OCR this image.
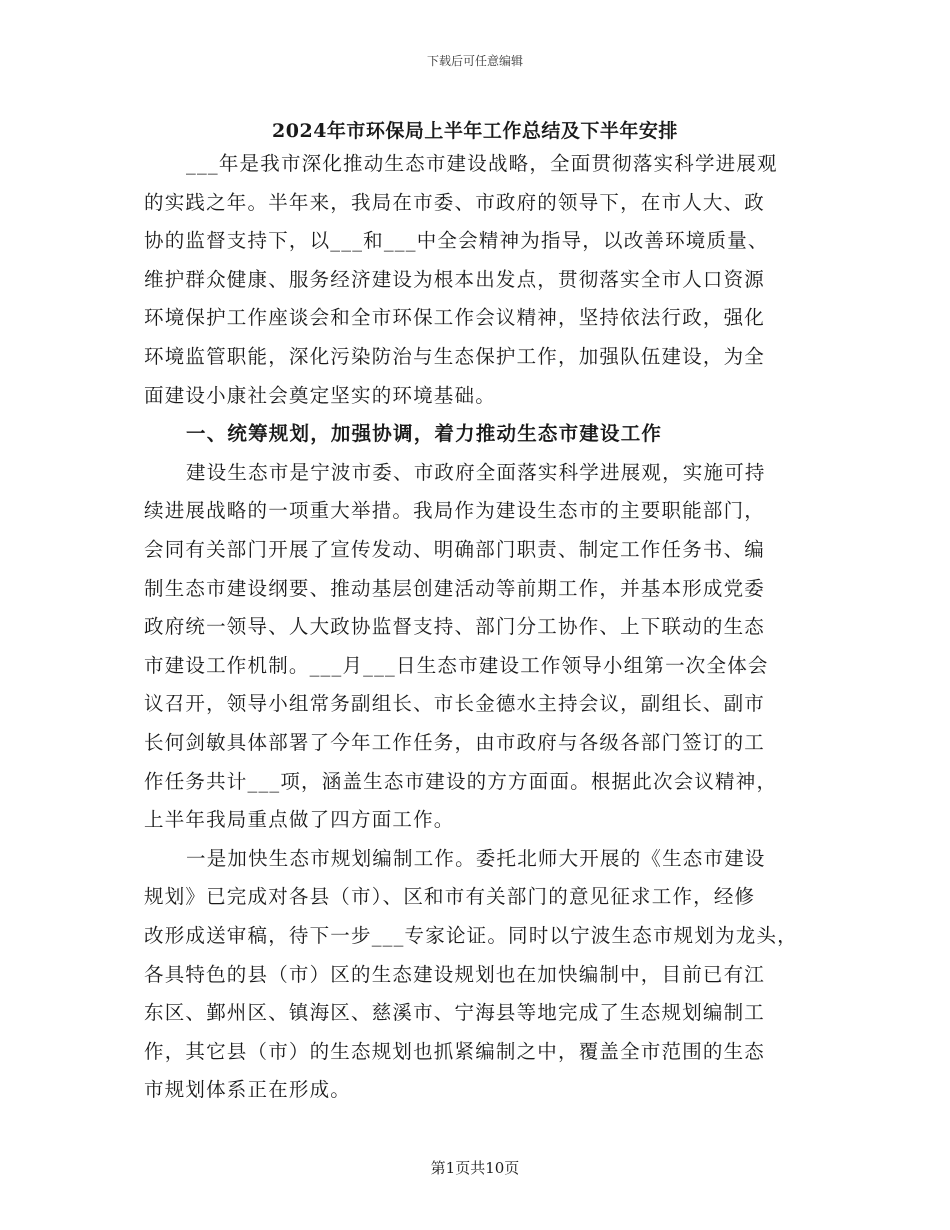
下载后可任意编辑
2024年市环保局上半年工作总结及下半年安排
___年是我市深化推动生态市建设战略，全面贯彻落实科学进展观
的实践之年。半年来，我局在市委、市政府的领导下，在市人大、政
协的监督支持下，以___和___中全会精神为指导，以改善环境质量、
维护群众健康、服务经济建设为根本出发点，贯彻落实全市人口资源
环境保护工作座谈会和全市环保工作会议精神，坚持依法行政，强化
环境监管职能，深化污染防治与生态保护工作，加强队伍建设，为全
面建设小康社会奠定坚实的环境基础。
一、统筹规划，加强协调，着力推动生态市建设工作
建设生态市是宁波市委、市政府全面落实科学进展观，实施可持
续进展战略的一项重大举措。我局作为建设生态市的主要职能部门，
会同有关部门开展了宣传发动、明确部门职责、制定工作任务书、编
制生态市建设纲要、推动基层创建活动等前期工作，并基本形成党委
政府统一领导、人大政协监督支持、部门分工协作、上下联动的生态
市建设工作机制。___月___日生态市建设工作领导小组第一次全体会
议召开，领导小组常务副组长、市长金德水主持会议，副组长、副市
长何剑敏具体部署了今年工作任务，由市政府与各级各部门签订的工
作任务共计___项，涵盖生态市建设的方方面面。根据此次会议精神，
上半年我局重点做了四方面工作。
一是加快生态市规划编制工作。委托北师大开展的《生态市建设
规划》已完成对各县（市）、区和市有关部门的意见征求工作，经修
改形成送审稿，待下一步___专家论证。同时以宁波生态市规划为龙头，
各具特色的县（市）区的生态建设规划也在加快编制中，目前已有江
东区、鄞州区、镇海区、慈溪市、宁海县等地完成了生态规划编制工
作，其它县（市）的生态规划也抓紧编制之中，覆盖全市范围的生态
市规划体系正在形成。
第1页共10页
